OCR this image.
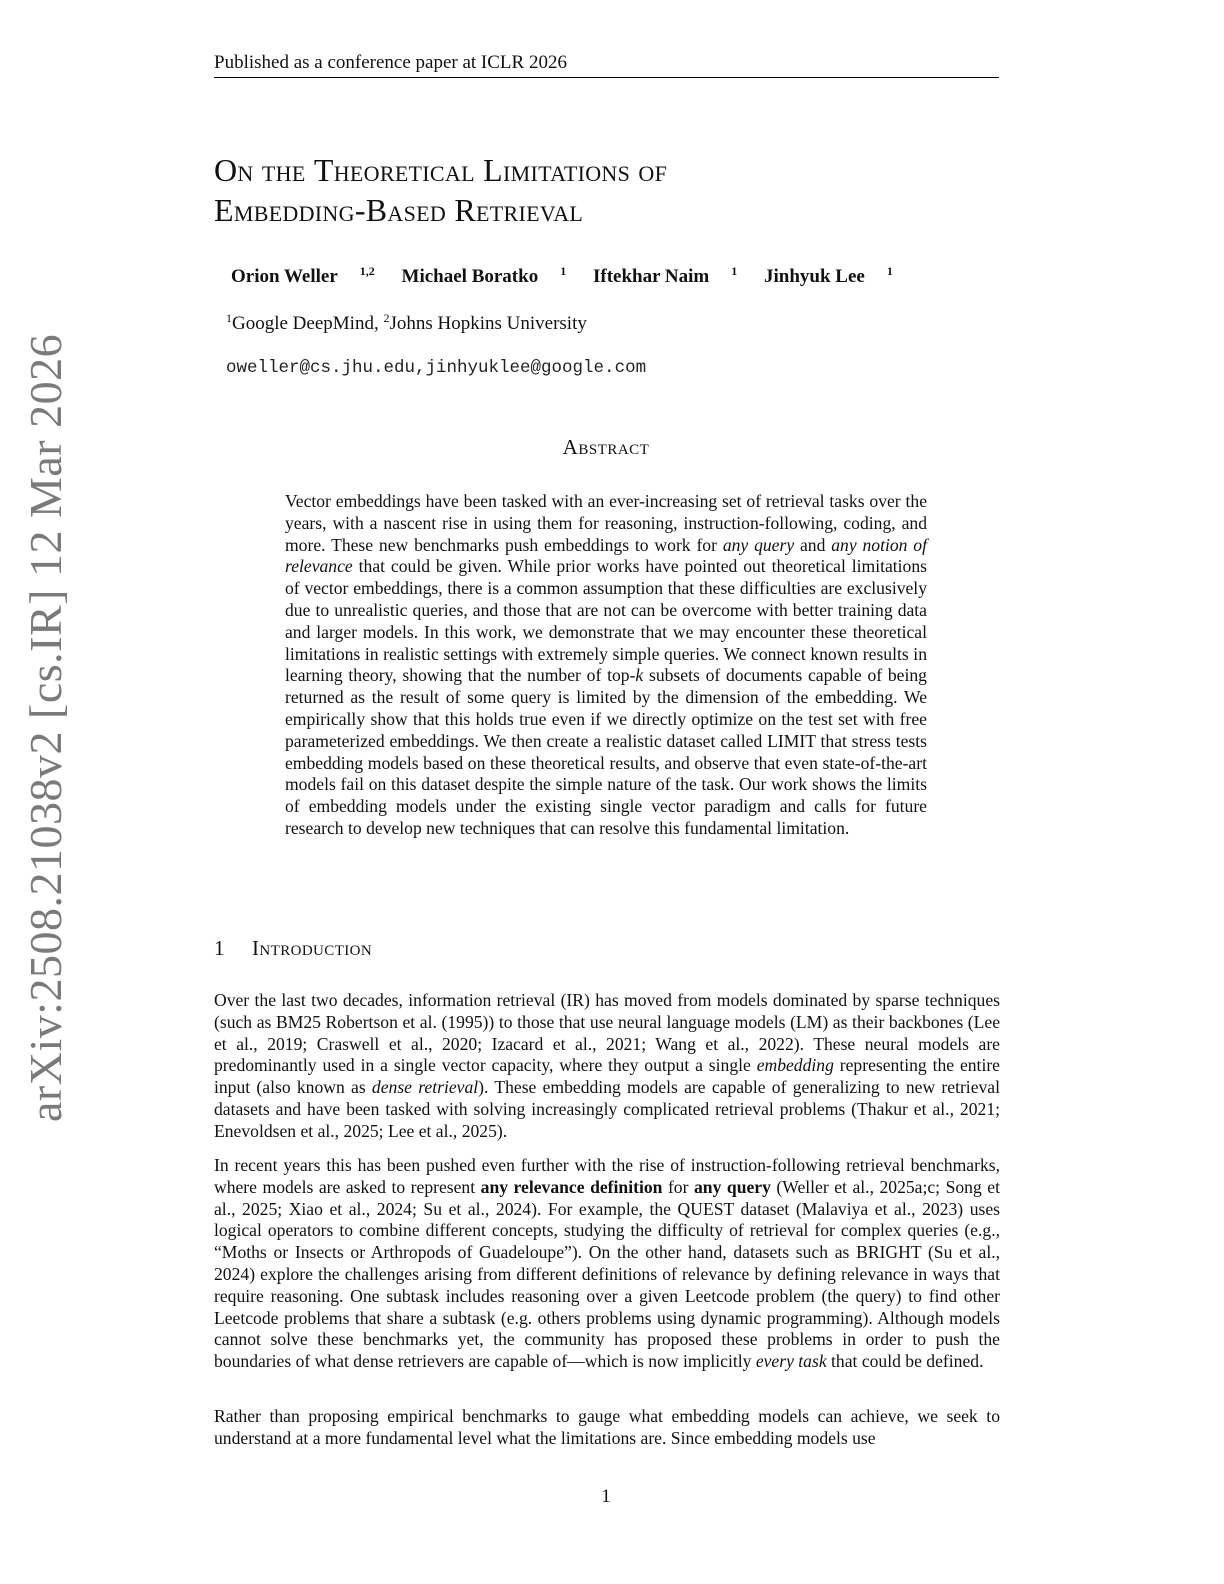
Published as a conference paper at ICLR 2026
arXiv:2508.21038v2 [cs.IR] 12 Mar 2026
On the Theoretical Limitations of
Embedding-Based Retrieval
Orion Weller $^{1,2}$ Michael Boratko $^1$ Iftekhar Naim $^1$ Jinhyuk Lee $^1$
$^1$Google DeepMind, $^2$Johns Hopkins University
oweller@cs.jhu.edu,jinhyuklee@google.com
Abstract
Vector embeddings have been tasked with an ever-increasing set of retrieval tasks over the years, with a nascent rise in using them for reasoning, instruction-following, coding, and more. These new benchmarks push embeddings to work for any query and any notion of relevance that could be given. While prior works have pointed out theoretical limitations of vector embeddings, there is a common assumption that these difficulties are exclusively due to unrealistic queries, and those that are not can be overcome with better training data and larger models. In this work, we demonstrate that we may encounter these theoretical limitations in realistic settings with extremely simple queries. We connect known results in learning theory, showing that the number of top-k subsets of documents capable of being returned as the result of some query is limited by the dimension of the embedding. We empirically show that this holds true even if we directly optimize on the test set with free parameterized embeddings. We then create a realistic dataset called LIMIT that stress tests embedding models based on these theoretical results, and observe that even state-of-the-art models fail on this dataset despite the simple nature of the task. Our work shows the limits of embedding models under the existing single vector paradigm and calls for future research to develop new techniques that can resolve this fundamental limitation.
1 Introduction

Over the last two decades, information retrieval (IR) has moved from models dominated by sparse techniques (such as BM25 Robertson et al. (1995)) to those that use neural language models (LM) as their backbones (Lee et al., 2019; Craswell et al., 2020; Izacard et al., 2021; Wang et al., 2022). These neural models are predominantly used in a single vector capacity, where they output a single embedding representing the entire input (also known as dense retrieval). These embedding models are capable of generalizing to new retrieval datasets and have been tasked with solving increasingly complicated retrieval problems (Thakur et al., 2021; Enevoldsen et al., 2025; Lee et al., 2025).

In recent years this has been pushed even further with the rise of instruction-following retrieval benchmarks, where models are asked to represent any relevance definition for any query (Weller et al., 2025a;c; Song et al., 2025; Xiao et al., 2024; Su et al., 2024). For example, the QUEST dataset (Malaviya et al., 2023) uses logical operators to combine different concepts, studying the difficulty of retrieval for complex queries (e.g., “Moths or Insects or Arthropods of Guadeloupe”). On the other hand, datasets such as BRIGHT (Su et al., 2024) explore the challenges arising from different definitions of relevance by defining relevance in ways that require reasoning. One subtask includes reasoning over a given Leetcode problem (the query) to find other Leetcode problems that share a subtask (e.g. others problems using dynamic programming). Although models cannot solve these benchmarks yet, the community has proposed these problems in order to push the boundaries of what dense retrievers are capable of—which is now implicitly every task that could be defined.

Rather than proposing empirical benchmarks to gauge what embedding models can achieve, we seek to understand at a more fundamental level what the limitations are. Since embedding models use

1
